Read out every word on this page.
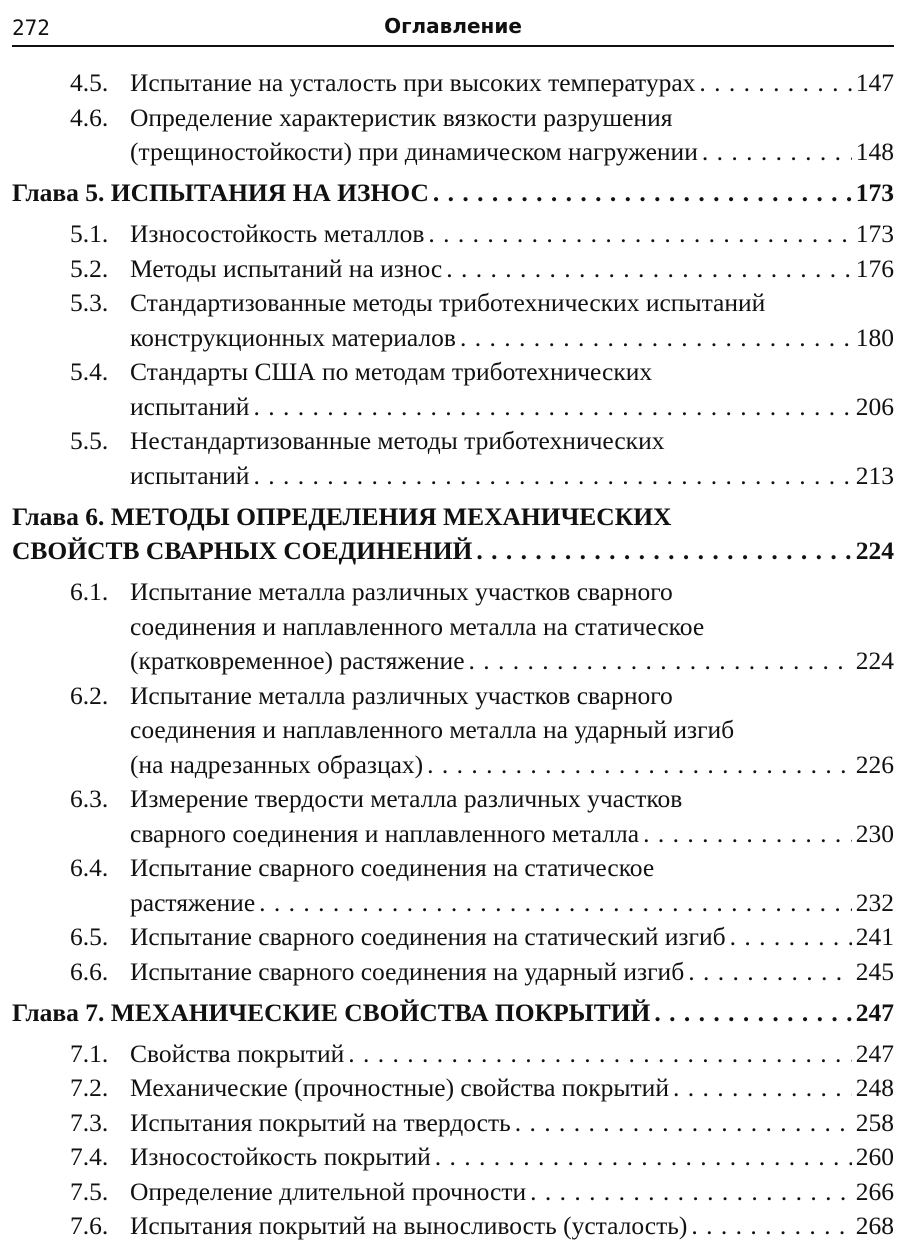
272	Оглавление
4.5. Испытание на усталость при высоких температурах . . .	147
4.6. Определение характеристик вязкости разрушения
(трещиностойкости) при динамическом нагружении . . .	148
Глава 5. ИСПЫТАНИЯ НА ИЗНОС . . .	173
5.1. Износостойкость металлов . . .	173
5.2. Методы испытаний на износ . . .	176
5.3. Стандартизованные методы триботехнических испытаний
конструкционных материалов . . .	180
5.4. Стандарты США по методам триботехнических
испытаний . . .	206
5.5. Нестандартизованные методы триботехнических
испытаний . . .	213
Глава 6. МЕТОДЫ ОПРЕДЕЛЕНИЯ МЕХАНИЧЕСКИХ
СВОЙСТВ СВАРНЫХ СОЕДИНЕНИЙ . . .	224
6.1. Испытание металла различных участков сварного
соединения и наплавленного металла на статическое
(кратковременное) растяжение . . .	224
6.2. Испытание металла различных участков сварного
соединения и наплавленного металла на ударный изгиб
(на надрезанных образцах) . . .	226
6.3. Измерение твердости металла различных участков
сварного соединения и наплавленного металла . . .	230
6.4. Испытание сварного соединения на статическое
растяжение . . .	232
6.5. Испытание сварного соединения на статический изгиб . . .	241
6.6. Испытание сварного соединения на ударный изгиб . . .	245
Глава 7. МЕХАНИЧЕСКИЕ СВОЙСТВА ПОКРЫТИЙ . . .	247
7.1. Свойства покрытий . . .	247
7.2. Механические (прочностные) свойства покрытий . . .	248
7.3. Испытания покрытий на твердость . . .	258
7.4. Износостойкость покрытий . . .	260
7.5. Определение длительной прочности . . .	266
7.6. Испытания покрытий на выносливость (усталость) . . .	268
